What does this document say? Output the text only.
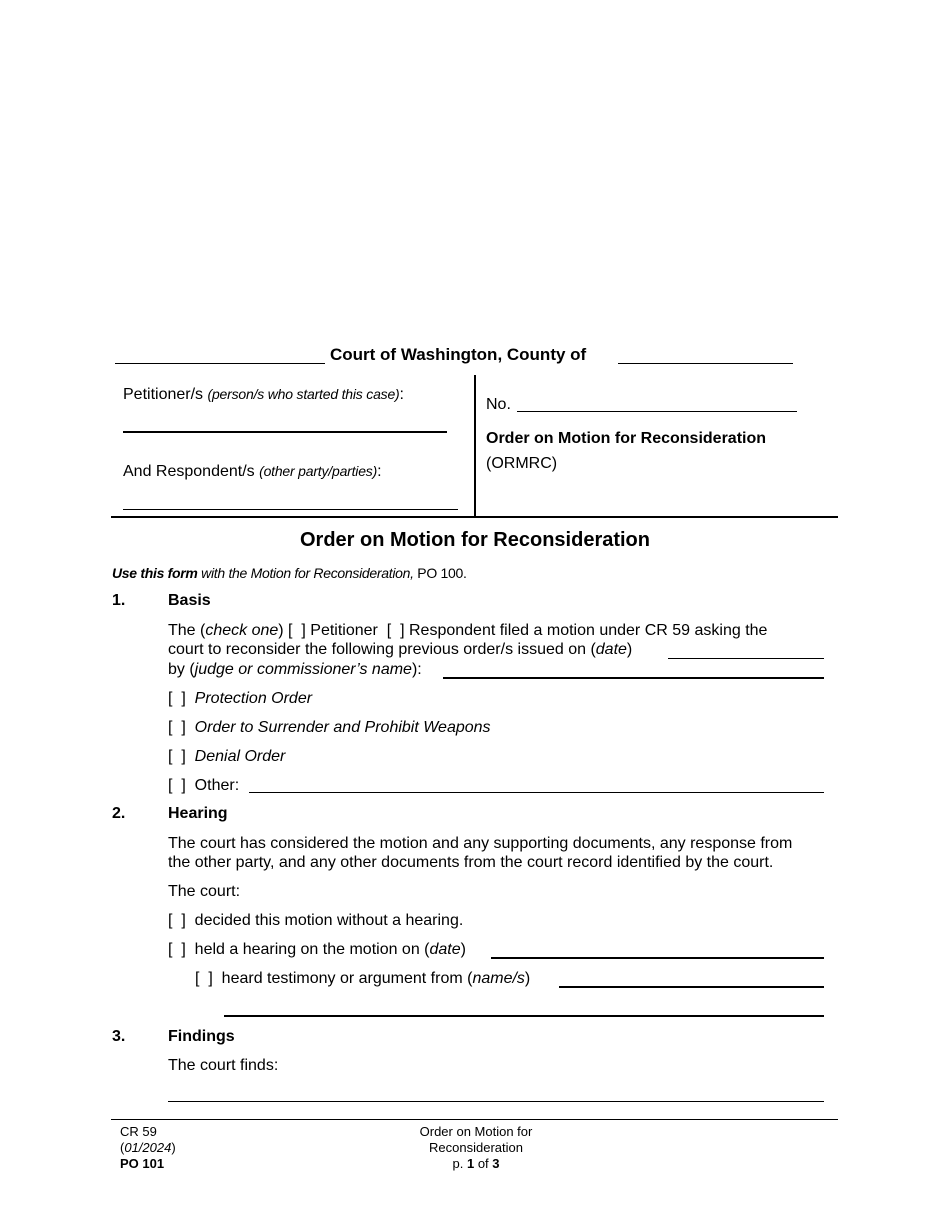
Court of Washington, County of
Petitioner/s (person/s who started this case):
And Respondent/s (other party/parties):
No.
Order on Motion for Reconsideration
(ORMRC)
Order on Motion for Reconsideration
Use this form with the Motion for Reconsideration, PO 100.
1.	Basis
The (check one) [  ] Petitioner  [  ] Respondent filed a motion under CR 59 asking the
court to reconsider the following previous order/s issued on (date)
by (judge or commissioner’s name):
[  ] Protection Order
[  ] Order to Surrender and Prohibit Weapons
[  ] Denial Order
[  ] Other:
2.	Hearing
The court has considered the motion and any supporting documents, any response from
the other party, and any other documents from the court record identified by the court.
The court:
[  ] decided this motion without a hearing.
[  ] held a hearing on the motion on (date)
[  ] heard testimony or argument from (name/s)
3.	Findings
The court finds:
CR 59
(01/2024)
PO 101
Order on Motion for
Reconsideration
p. 1 of 3
